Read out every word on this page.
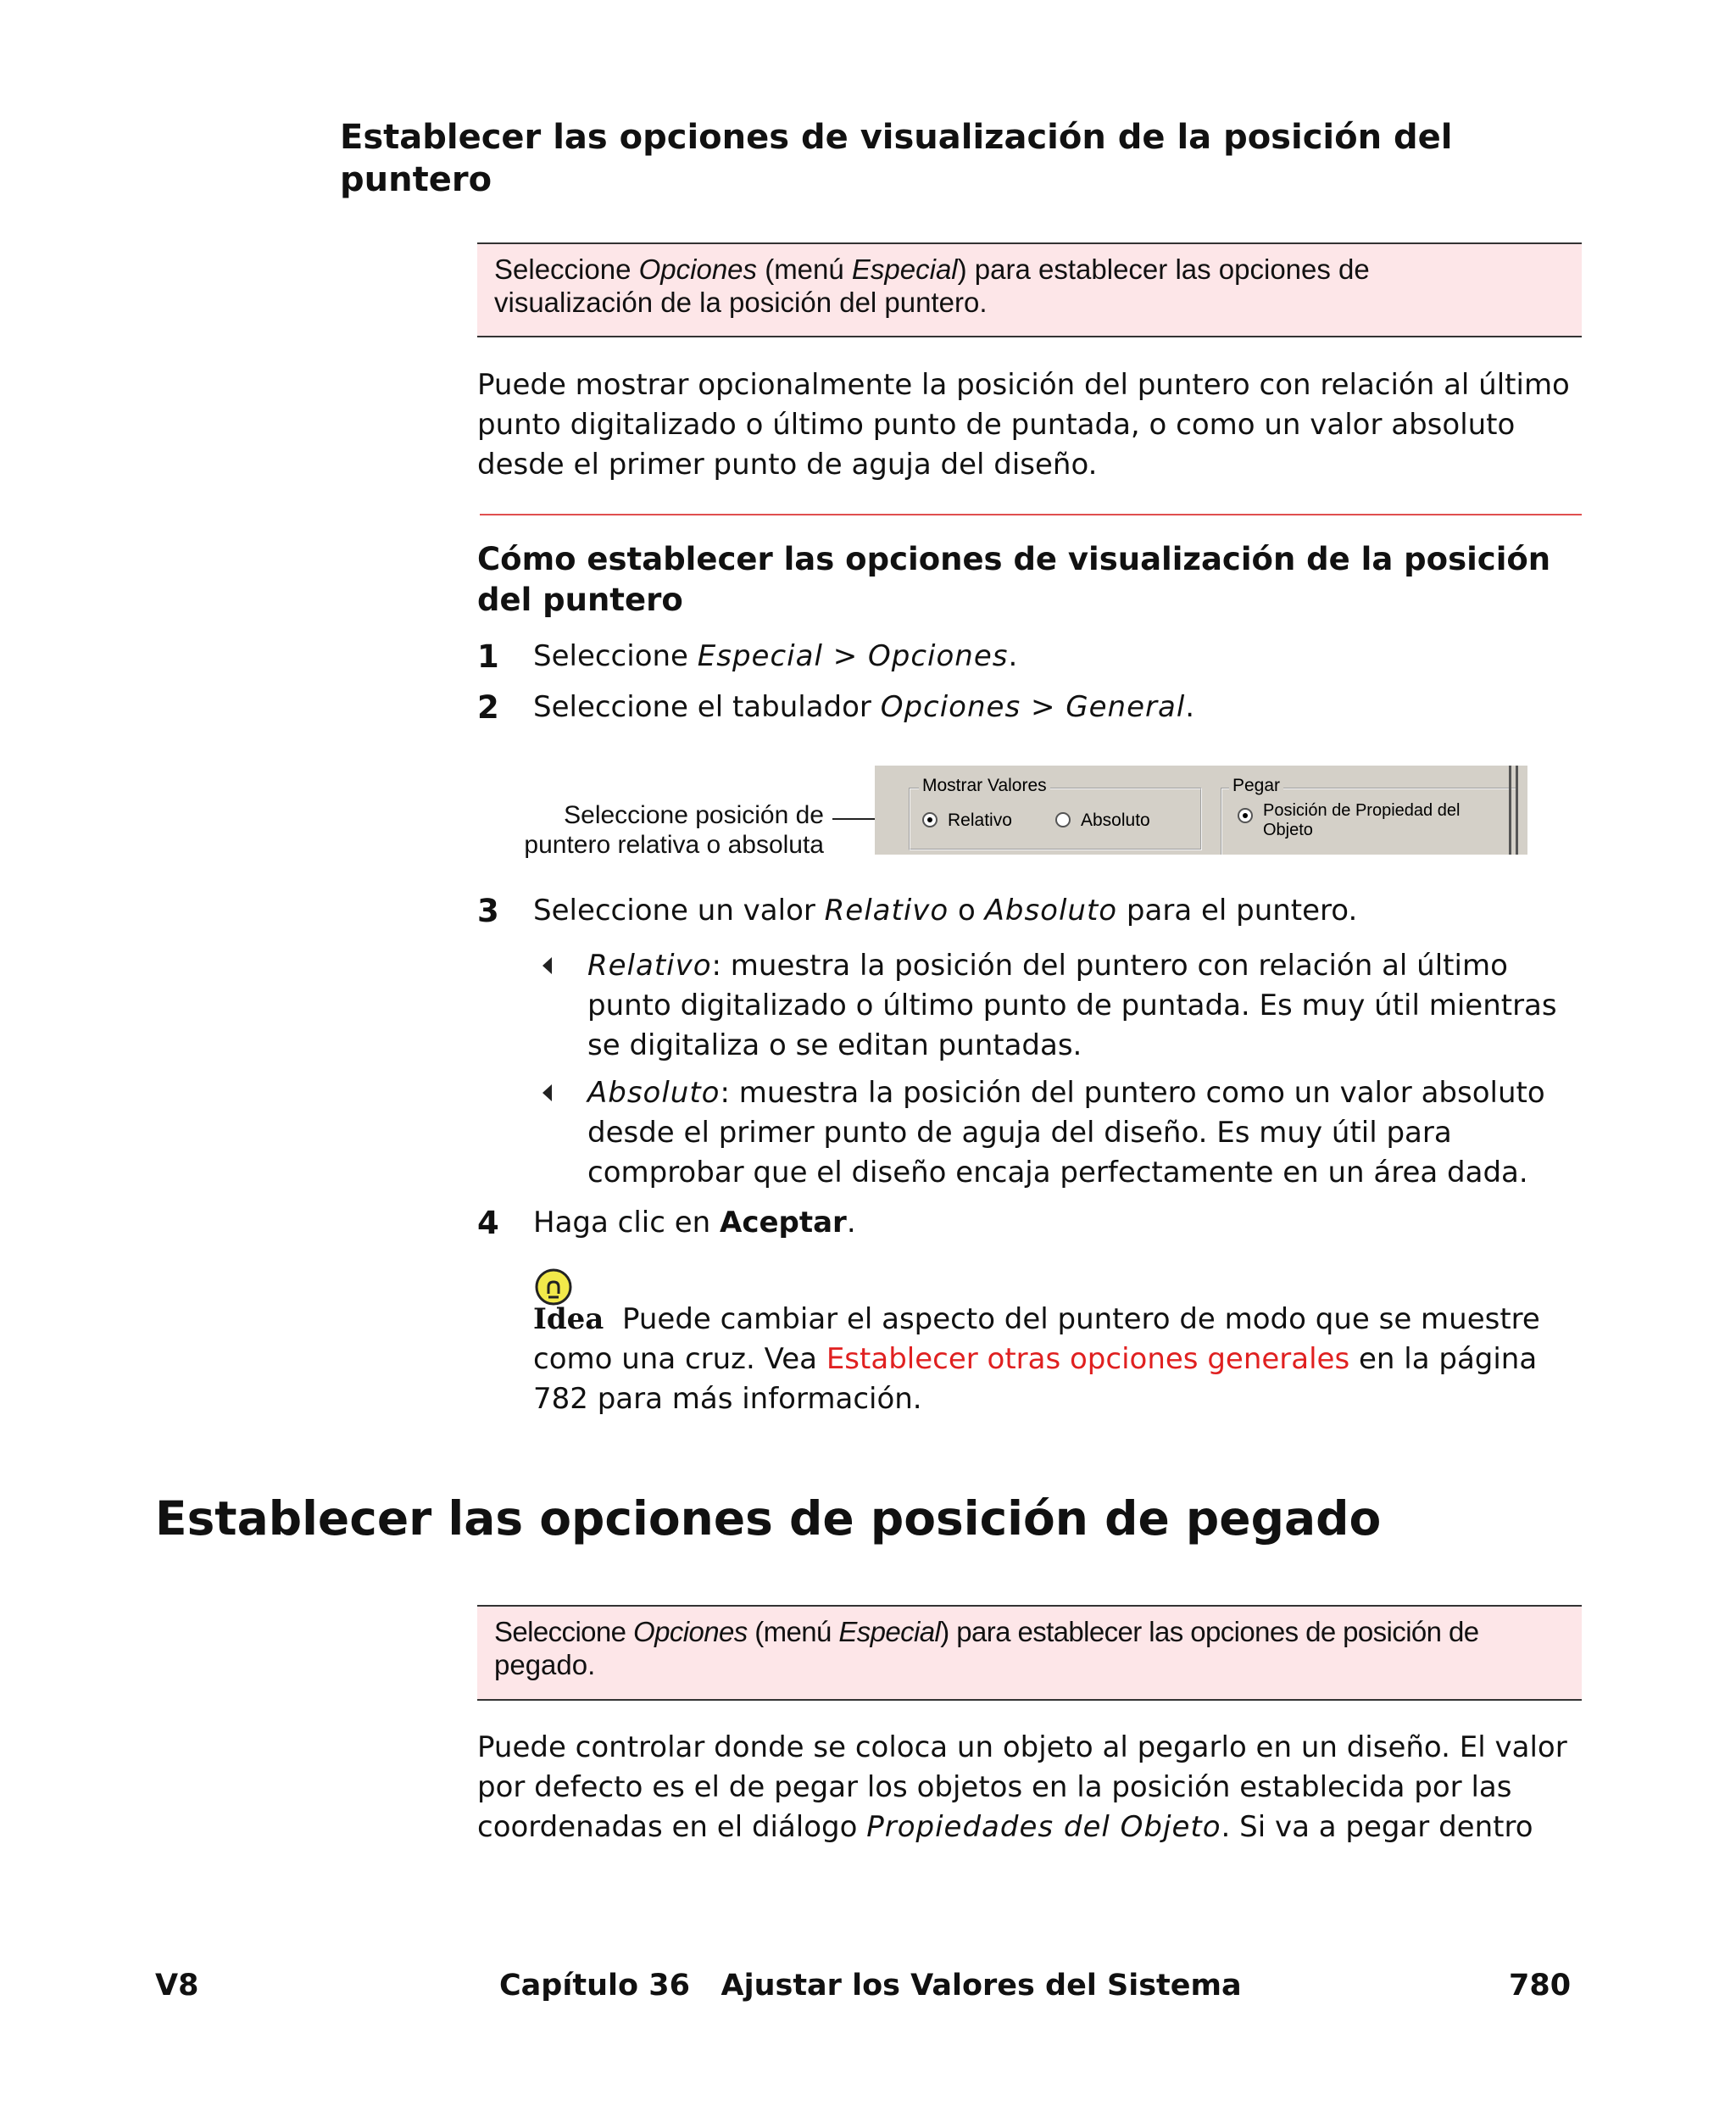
Establecer las opciones de visualización de la posición del
puntero
Seleccione Opciones (menú Especial) para establecer las opciones de
visualización de la posición del puntero.
Puede mostrar opcionalmente la posición del puntero con relación al último
punto digitalizado o último punto de puntada, o como un valor absoluto
desde el primer punto de aguja del diseño.
Cómo establecer las opciones de visualización de la posición
del puntero
1 Seleccione Especial > Opciones.
2 Seleccione el tabulador Opciones > General.
Seleccione posición de
puntero relativa o absoluta
Mostrar Valores
Relativo	Absoluto
Pegar
Posición de Propiedad del
Objeto
3 Seleccione un valor Relativo o Absoluto para el puntero.
Relativo: muestra la posición del puntero con relación al último
punto digitalizado o último punto de puntada. Es muy útil mientras
se digitaliza o se editan puntadas.
Absoluto: muestra la posición del puntero como un valor absoluto
desde el primer punto de aguja del diseño. Es muy útil para
comprobar que el diseño encaja perfectamente en un área dada.
4 Haga clic en Aceptar.
Idea Puede cambiar el aspecto del puntero de modo que se muestre
como una cruz. Vea Establecer otras opciones generales en la página
782 para más información.
Establecer las opciones de posición de pegado
Seleccione Opciones (menú Especial) para establecer las opciones de posición de
pegado.
Puede controlar donde se coloca un objeto al pegarlo en un diseño. El valor
por defecto es el de pegar los objetos en la posición establecida por las
coordenadas en el diálogo Propiedades del Objeto. Si va a pegar dentro
V8	Capítulo 36   Ajustar los Valores del Sistema	780
